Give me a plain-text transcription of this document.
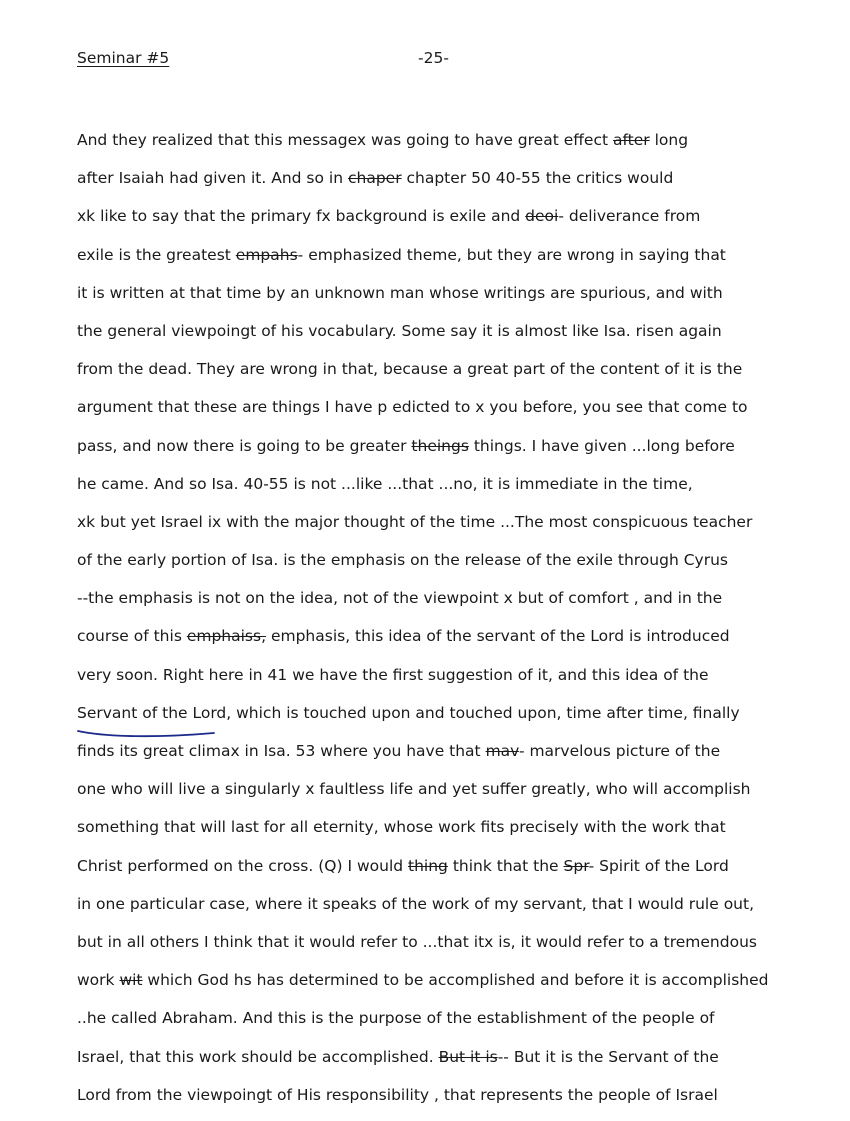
Seminar #5	-25-
And they realized that this messagex was going to have great effect after long
after Isaiah had given it. And so in chaper chapter 50 40-55 the critics would
xk like to say that the primary fx background is exile and deoi- deliverance from
exile is the greatest empahs- emphasized theme, but they are wrong in saying that
it is written at that time by an unknown man whose writings are spurious, and with
the general viewpoingt of his vocabulary. Some say it is almost like Isa. risen again
from the dead. They are wrong in that, because a great part of the content of it is the
argument that these are things I have p edicted to x you before, you see that come to
pass, and now there is going to be greater theings things. I have given ...long before
he came. And so Isa. 40-55 is not ...like ...that ...no, it is immediate in the time,
xk but yet Israel ix with the major thought of the time ...The most conspicuous teacher
of the early portion of Isa. is the emphasis on the release of the exile through Cyrus
--the emphasis is not on the idea, not of the viewpoint x but of comfort , and in the
course of this emphaiss, emphasis, this idea of the servant of the Lord is introduced
very soon. Right here in 41 we have the first suggestion of it, and this idea of the
Servant of the Lord, which is touched upon and touched upon, time after time, finally
finds its great climax in Isa. 53 where you have that mav- marvelous picture of the
one who will live a singularly x faultless life and yet suffer greatly, who will accomplish
something that will last for all eternity, whose work fits precisely with the work that
Christ performed on the cross. (Q) I would thing think that the Spr- Spirit of the Lord
in one particular case, where it speaks of the work of my servant, that I would rule out,
but in all others I think that it would refer to ...that itx is, it would refer to a tremendous
work wit which God hs has determined to be accomplished and before it is accomplished
..he called Abraham. And this is the purpose of the establishment of the people of
Israel, that this work should be accomplished. But it is-- But it is the Servant of the
Lord from the viewpoingt of His responsibility , that represents the people of Israel
